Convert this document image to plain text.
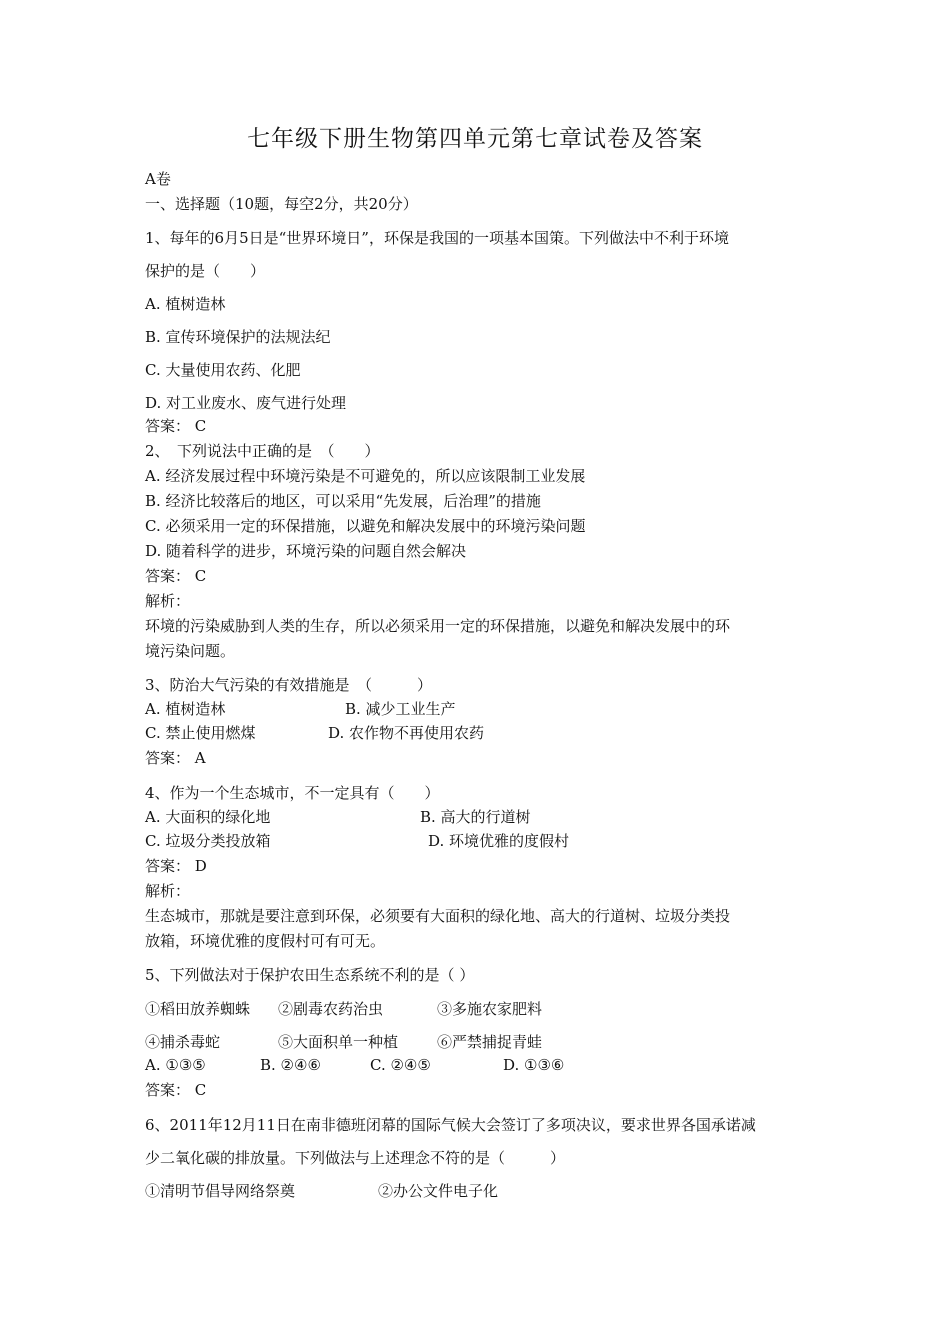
七年级下册生物第四单元第七章试卷及答案
A卷
一、选择题（10题，每空2分，共20分）
1、每年的6月5日是“世界环境日”，环保是我国的一项基本国策。下列做法中不利于环境
保护的是（　　）
A. 植树造林
B. 宣传环境保护的法规法纪
C. 大量使用农药、化肥
D. 对工业废水、废气进行处理
答案： C
2、　下列说法中正确的是　（　　）
A. 经济发展过程中环境污染是不可避免的，所以应该限制工业发展
B. 经济比较落后的地区，可以采用“先发展，后治理”的措施
C. 必须采用一定的环保措施，以避免和解决发展中的环境污染问题
D. 随着科学的进步，环境污染的问题自然会解决
答案： C
解析：
环境的污染威胁到人类的生存，所以必须采用一定的环保措施，以避免和解决发展中的环
境污染问题。
3、防治大气污染的有效措施是　（　　　）
A. 植树造林	B. 减少工业生产
C. 禁止使用燃煤	D. 农作物不再使用农药
答案： A
4、作为一个生态城市，不一定具有（　　）
A. 大面积的绿化地	B. 高大的行道树
C. 垃圾分类投放箱	D. 环境优雅的度假村
答案： D
解析：
生态城市，那就是要注意到环保，必须要有大面积的绿化地、高大的行道树、垃圾分类投
放箱，环境优雅的度假村可有可无。
5、下列做法对于保护农田生态系统不利的是（ ）
①稻田放养蜘蛛 ②剧毒农药治虫	③多施农家肥料
④捕杀毒蛇	⑤大面积单一种植	⑥严禁捕捉青蛙
A. ①③⑤	B. ②④⑥	C. ②④⑤	D. ①③⑥
答案： C
6、2011年12月11日在南非德班闭幕的国际气候大会签订了多项决议，要求世界各国承诺减
少二氧化碳的排放量。下列做法与上述理念不符的是（　　　）
①清明节倡导网络祭奠	②办公文件电子化
